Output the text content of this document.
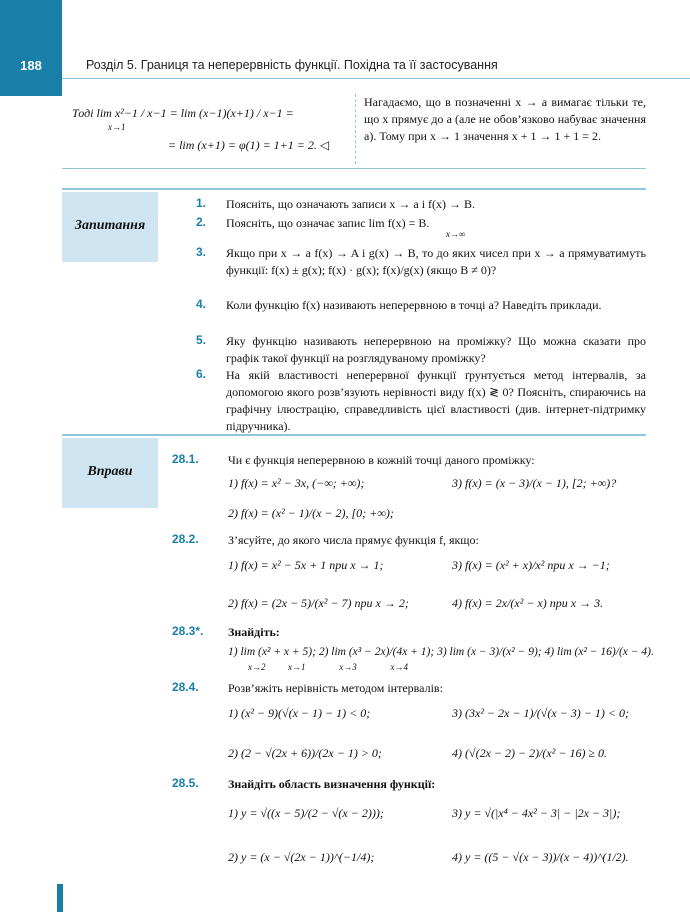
188	Розділ 5. Границя та неперервність функції. Похідна та її застосування
Тоді lim x²−1 / x−1 = lim (x−1)(x+1) / x−1 =
x→1
= lim (x+1) = φ(1) = 1+1 = 2. ◁
Нагадаємо, що в позначенні x → a вимагає тільки те, що x прямує до a (але не обов’язково набуває значення a). Тому при x → 1 значення x + 1 → 1 + 1 = 2.
Запитання
1. Поясніть, що означають записи x → a і f(x) → B.
2. Поясніть, що означає запис lim f(x) = B.
x→∞
3. Якщо при x → a f(x) → A і g(x) → B, то до яких чисел при x → a прямуватимуть функції: f(x) ± g(x); f(x) · g(x); f(x)/g(x) (якщо B ≠ 0)?
4. Коли функцію f(x) називають неперервною в точці a? Наведіть приклади.
5. Яку функцію називають неперервною на проміжку? Що можна сказати про графік такої функції на розглядуваному проміжку?
6. На якій властивості неперервної функції ґрунтується метод інтервалів, за допомогою якого розв’язують нерівності виду f(x) ≷ 0? Поясніть, спираючись на графічну ілюстрацію, справедливість цієї властивості (див. інтернет-підтримку підручника).
Вправи
28.1. Чи є функція неперервною в кожній точці даного проміжку:
1) f(x) = x² − 3x, (−∞; +∞);	3) f(x) = (x − 3)/(x − 1), [2; +∞)?
2) f(x) = (x² − 1)/(x − 2), [0; +∞);
28.2. З’ясуйте, до якого числа прямує функція f, якщо:
1) f(x) = x² − 5x + 1 при x → 1;	3) f(x) = (x² + x)/x² при x → −1;
2) f(x) = (2x − 5)/(x² − 7) при x → 2;	4) f(x) = 2x/(x² − x) при x → 3.
28.3*. Знайдіть:
1) lim (x² + x + 5); 2) lim (x³ − 2x)/(4x + 1); 3) lim (x − 3)/(x² − 9); 4) lim (x² − 16)/(x − 4).
x→2          x→1               x→3               x→4
28.4. Розв’яжіть нерівність методом інтервалів:
1) (x² − 9)(√(x − 1) − 1) < 0;	3) (3x² − 2x − 1)/(√(x − 3) − 1) < 0;
2) (2 − √(2x + 6))/(2x − 1) > 0;	4) (√(2x − 2) − 2)/(x² − 16) ≥ 0.
28.5. Знайдіть область визначення функції:
1) y = √((x − 5)/(2 − √(x − 2)));	3) y = √(|x⁴ − 4x² − 3| − |2x − 3|);
2) y = (x − √(2x − 1))^(−1/4);	4) y = ((5 − √(x − 3))/(x − 4))^(1/2).
